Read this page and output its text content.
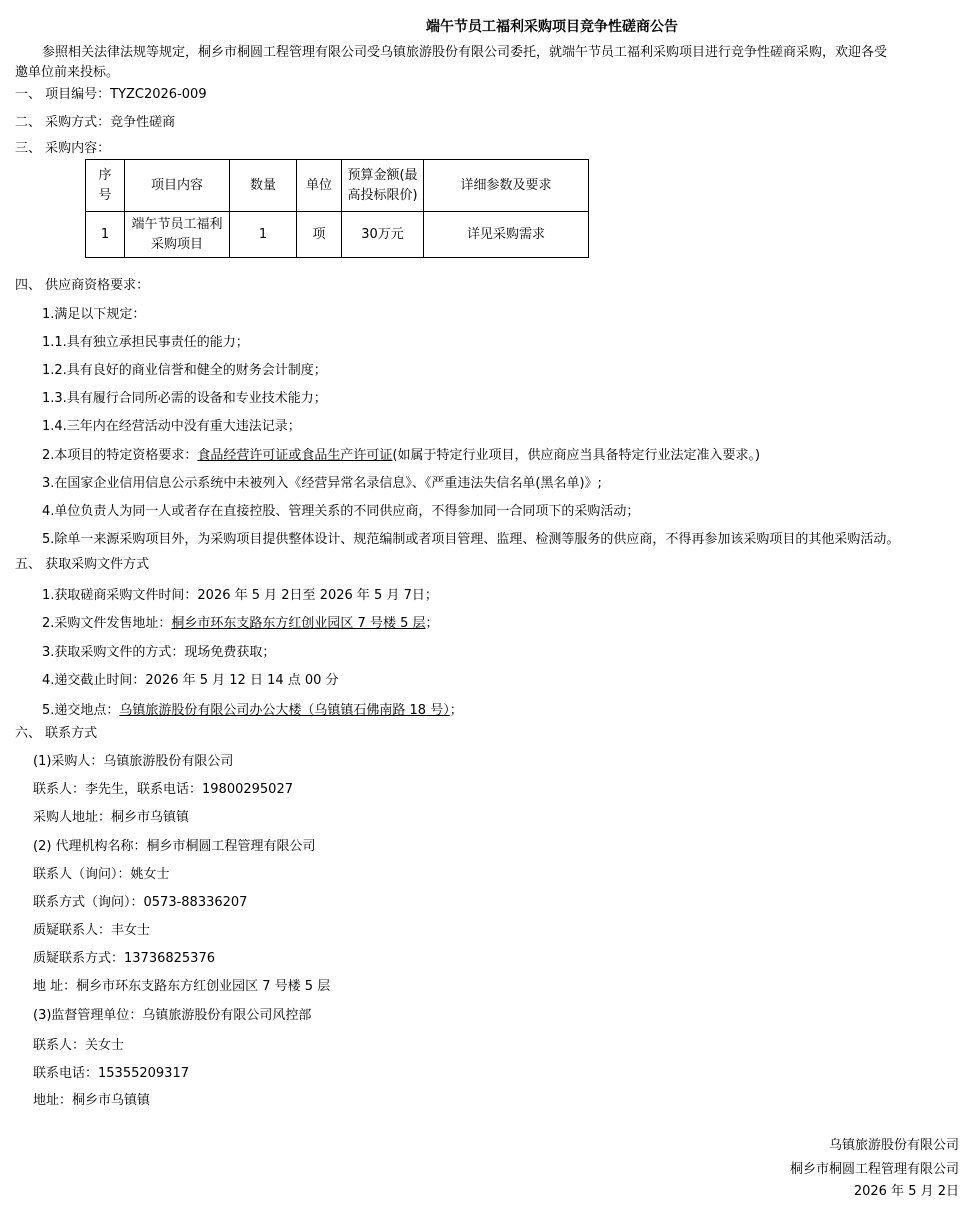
端午节员工福利采购项目竞争性磋商公告
参照相关法律法规等规定，桐乡市桐圆工程管理有限公司受乌镇旅游股份有限公司委托，就端午节员工福利采购项目进行竞争性磋商采购，欢迎各受
邀单位前来投标。
一、 项目编号：TYZC2026-009
二、 采购方式：竞争性磋商
三、 采购内容：
序号	项目内容	数量	单位	预算金额(最高投标限价)	详细参数及要求
1	端午节员工福利采购项目	1	项	30万元	详见采购需求
四、 供应商资格要求：
1.满足以下规定：
1.1.具有独立承担民事责任的能力；
1.2.具有良好的商业信誉和健全的财务会计制度；
1.3.具有履行合同所必需的设备和专业技术能力；
1.4.三年内在经营活动中没有重大违法记录；
2.本项目的特定资格要求：食品经营许可证或食品生产许可证(如属于特定行业项目，供应商应当具备特定行业法定准入要求。)
3.在国家企业信用信息公示系统中未被列入《经营异常名录信息》、《严重违法失信名单(黑名单)》;
4.单位负责人为同一人或者存在直接控股、管理关系的不同供应商，不得参加同一合同项下的采购活动；
5.除单一来源采购项目外，为采购项目提供整体设计、规范编制或者项目管理、监理、检测等服务的供应商，不得再参加该采购项目的其他采购活动。
五、 获取采购文件方式
1.获取磋商采购文件时间：2026 年 5 月 2日至 2026 年 5 月 7日；
2.采购文件发售地址：桐乡市环东支路东方红创业园区 7 号楼 5 层；
3.获取采购文件的方式：现场免费获取；
4.递交截止时间：2026 年 5 月 12 日 14 点 00 分
5.递交地点：乌镇旅游股份有限公司办公大楼（乌镇镇石佛南路 18 号）；
六、 联系方式
(1)采购人：乌镇旅游股份有限公司
联系人：李先生，联系电话：19800295027
采购人地址：桐乡市乌镇镇
(2) 代理机构名称：桐乡市桐圆工程管理有限公司
联系人（询问）：姚女士
联系方式（询问）：0573-88336207
质疑联系人：丰女士
质疑联系方式：13736825376
地 址：桐乡市环东支路东方红创业园区 7 号楼 5 层
(3)监督管理单位：乌镇旅游股份有限公司风控部
联系人：关女士
联系电话：15355209317
地址：桐乡市乌镇镇
乌镇旅游股份有限公司
桐乡市桐圆工程管理有限公司
2026 年 5 月 2日
